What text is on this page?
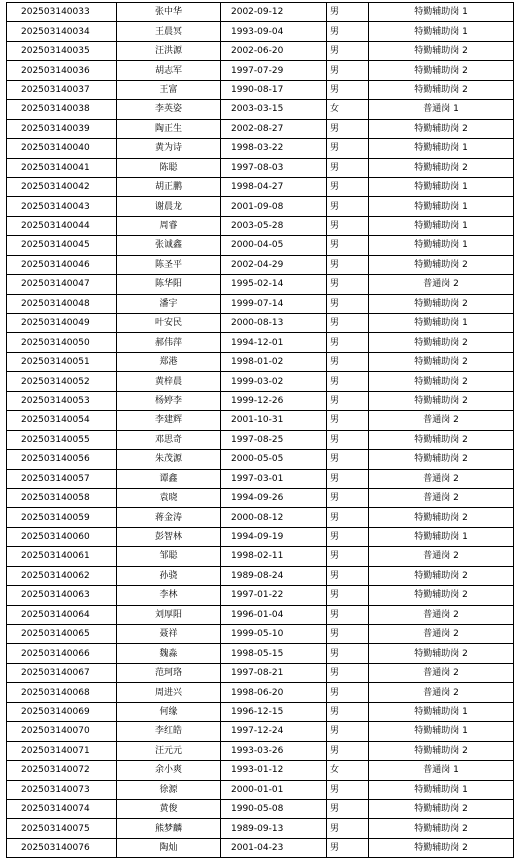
202503140033	张中华	2002-09-12	男	特勤辅助岗 1
202503140034	王晨冥	1993-09-04	男	特勤辅助岗 1
202503140035	汪洪源	2002-06-20	男	特勤辅助岗 2
202503140036	胡志军	1997-07-29	男	特勤辅助岗 2
202503140037	王富	1990-08-17	男	特勤辅助岗 2
202503140038	李英姿	2003-03-15	女	普通岗 1
202503140039	陶正生	2002-08-27	男	特勤辅助岗 2
202503140040	黄为诗	1998-03-22	男	特勤辅助岗 1
202503140041	陈聪	1997-08-03	男	特勤辅助岗 2
202503140042	胡正鹏	1998-04-27	男	特勤辅助岗 1
202503140043	谢晨龙	2001-09-08	男	特勤辅助岗 1
202503140044	周睿	2003-05-28	男	特勤辅助岗 1
202503140045	张诚鑫	2000-04-05	男	特勤辅助岗 1
202503140046	陈圣平	2002-04-29	男	特勤辅助岗 2
202503140047	陈华阳	1995-02-14	男	普通岗 2
202503140048	潘宇	1999-07-14	男	特勤辅助岗 2
202503140049	叶安民	2000-08-13	男	特勤辅助岗 1
202503140050	郝伟萍	1994-12-01	男	特勤辅助岗 2
202503140051	郑港	1998-01-02	男	特勤辅助岗 2
202503140052	黄梓晨	1999-03-02	男	特勤辅助岗 2
202503140053	杨婷李	1999-12-26	男	特勤辅助岗 2
202503140054	李建辉	2001-10-31	男	普通岗 2
202503140055	邓思奇	1997-08-25	男	特勤辅助岗 2
202503140056	朱茂源	2000-05-05	男	特勤辅助岗 2
202503140057	谭鑫	1997-03-01	男	普通岗 2
202503140058	袁晓	1994-09-26	男	普通岗 2
202503140059	蒋金涛	2000-08-12	男	特勤辅助岗 2
202503140060	彭智林	1994-09-19	男	特勤辅助岗 1
202503140061	邹聪	1998-02-11	男	普通岗 2
202503140062	孙骁	1989-08-24	男	特勤辅助岗 2
202503140063	李林	1997-01-22	男	特勤辅助岗 2
202503140064	刘厚阳	1996-01-04	男	普通岗 2
202503140065	聂祥	1999-05-10	男	普通岗 2
202503140066	魏淼	1998-05-15	男	特勤辅助岗 2
202503140067	范珂珞	1997-08-21	男	普通岗 2
202503140068	周进兴	1998-06-20	男	普通岗 2
202503140069	何缘	1996-12-15	男	特勤辅助岗 1
202503140070	李红皓	1997-12-24	男	特勤辅助岗 1
202503140071	汪元元	1993-03-26	男	特勤辅助岗 2
202503140072	余小爽	1993-01-12	女	普通岗 1
202503140073	徐源	2000-01-01	男	特勤辅助岗 1
202503140074	黄俊	1990-05-08	男	特勤辅助岗 2
202503140075	熊梦麟	1989-09-13	男	特勤辅助岗 2
202503140076	陶灿	2001-04-23	男	特勤辅助岗 2
